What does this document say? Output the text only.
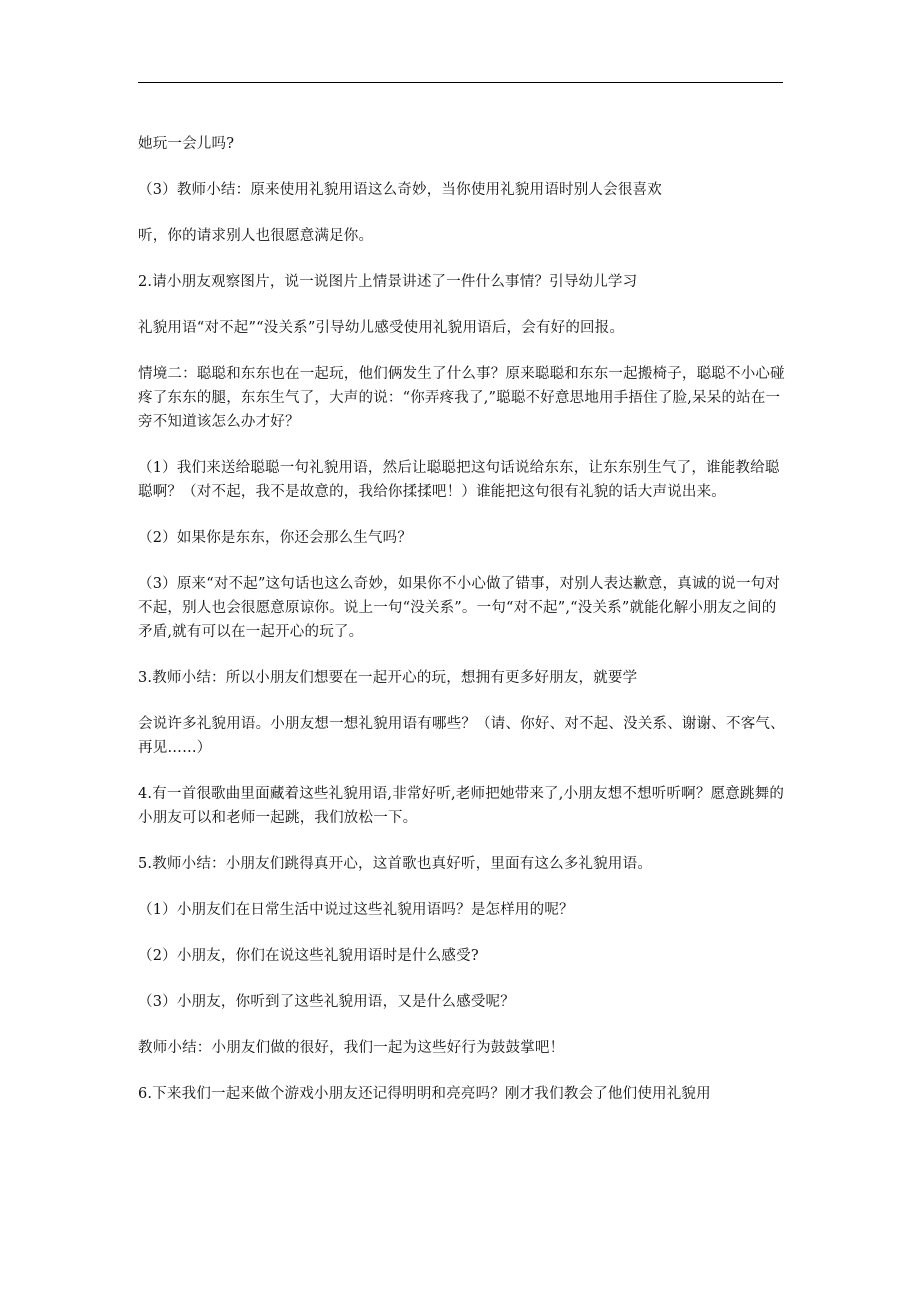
她玩一会儿吗?

（3）教师小结：原来使用礼貌用语这么奇妙，当你使用礼貌用语时别人会很喜欢

听，你的请求别人也很愿意满足你。

2.请小朋友观察图片，说一说图片上情景讲述了一件什么事情？引导幼儿学习

礼貌用语“对不起”“没关系”引导幼儿感受使用礼貌用语后，会有好的回报。

情境二：聪聪和东东也在一起玩，他们俩发生了什么事？原来聪聪和东东一起搬椅子，聪聪不小心碰疼了东东的腿，东东生气了，大声的说：“你弄疼我了,”聪聪不好意思地用手捂住了脸,呆呆的站在一旁不知道该怎么办才好？

（1）我们来送给聪聪一句礼貌用语，然后让聪聪把这句话说给东东，让东东别生气了，谁能教给聪聪啊？（对不起，我不是故意的，我给你揉揉吧！）谁能把这句很有礼貌的话大声说出来。

（2）如果你是东东，你还会那么生气吗？

（3）原来“对不起”这句话也这么奇妙，如果你不小心做了错事，对别人表达歉意，真诚的说一句对不起，别人也会很愿意原谅你。说上一句“没关系”。一句“对不起”,“没关系”就能化解小朋友之间的矛盾,就有可以在一起开心的玩了。

3.教师小结：所以小朋友们想要在一起开心的玩，想拥有更多好朋友，就要学

会说许多礼貌用语。小朋友想一想礼貌用语有哪些？（请、你好、对不起、没关系、谢谢、不客气、再见……）

4.有一首很歌曲里面藏着这些礼貌用语,非常好听,老师把她带来了,小朋友想不想听听啊？愿意跳舞的小朋友可以和老师一起跳，我们放松一下。

5.教师小结：小朋友们跳得真开心，这首歌也真好听，里面有这么多礼貌用语。

（1）小朋友们在日常生活中说过这些礼貌用语吗？是怎样用的呢？

（2）小朋友，你们在说这些礼貌用语时是什么感受?

（3）小朋友，你听到了这些礼貌用语，又是什么感受呢？

教师小结：小朋友们做的很好，我们一起为这些好行为鼓鼓掌吧！

6.下来我们一起来做个游戏小朋友还记得明明和亮亮吗？刚才我们教会了他们使用礼貌用
